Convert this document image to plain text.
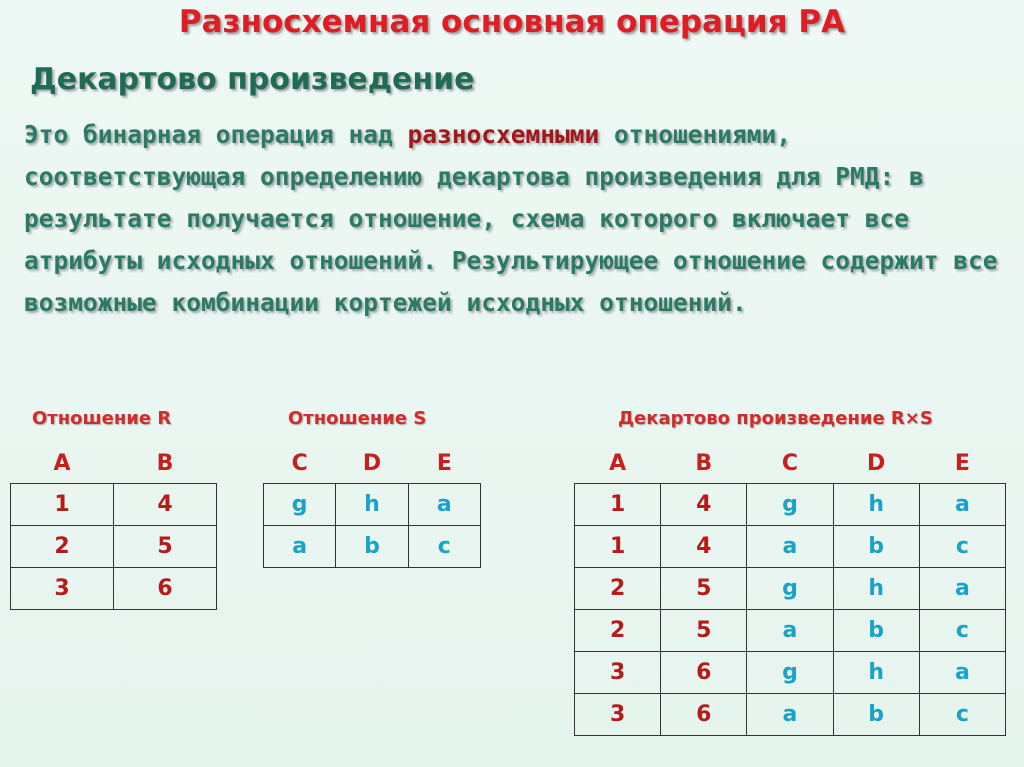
Разносхемная основная операция РА
Декартово произведение
Это бинарная операция над разносхемными отношениями, соответствующая определению декартова произведения для РМД: в результате получается отношение, схема которого включает все атрибуты исходных отношений. Результирующее отношение содержит все возможные комбинации кортежей исходных отношений.
Отношение R
A	B
1	4
2	5
3	6
Отношение S
C	D	E
g	h	a
a	b	c
Декартово произведение R×S
A	B	C	D	E
1	4	g	h	a
1	4	a	b	c
2	5	g	h	a
2	5	a	b	c
3	6	g	h	a
3	6	a	b	c
